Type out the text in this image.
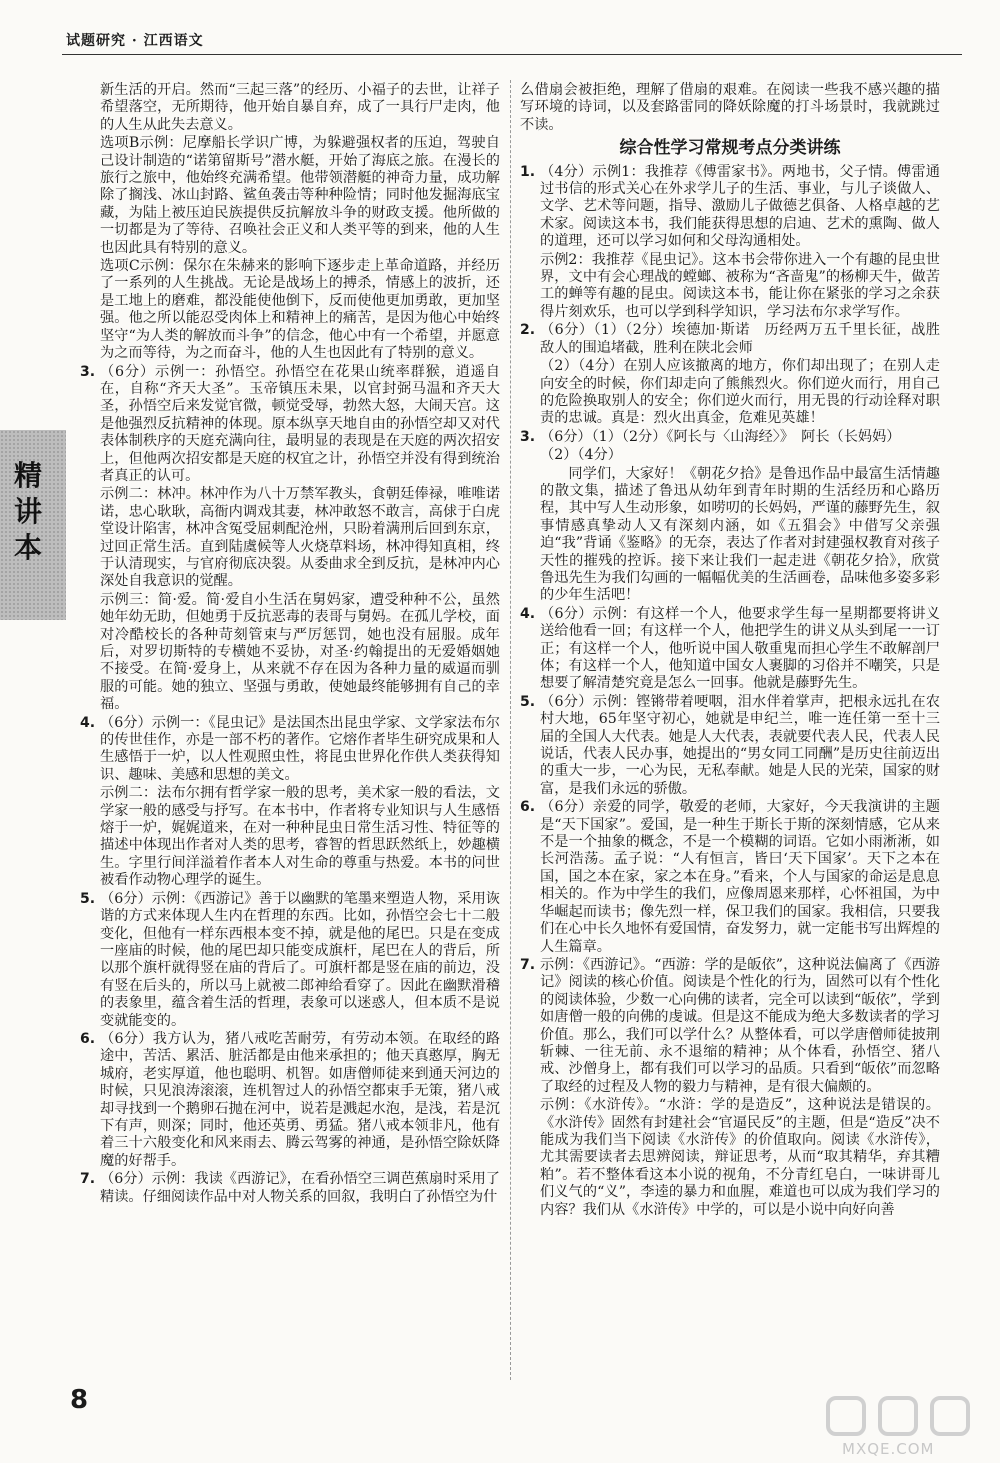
试题研究 · 江西语文
精讲本

新生活的开启。然而“三起三落”的经历、小福子的去世，让祥子希望落空，无所期待，他开始自暴自弃，成了一具行尸走肉，他的人生从此失去意义。

选项B示例：尼摩船长学识广博，为躲避强权者的压迫，驾驶自己设计制造的“诺第留斯号”潜水艇，开始了海底之旅。在漫长的旅行之旅中，他始终充满希望。他带领潜艇的神奇力量，成功解除了搁浅、冰山封路、鲨鱼袭击等种种险情；同时他发掘海底宝藏，为陆上被压迫民族提供反抗解放斗争的财政支援。他所做的一切都是为了等待、召唤社会正义和人类平等的到来，他的人生也因此具有特别的意义。

选项C示例：保尔在朱赫来的影响下逐步走上革命道路，并经历了一系列的人生挑战。无论是战场上的搏杀，情感上的波折，还是工地上的磨难，都没能使他倒下，反而使他更加勇敢，更加坚强。他之所以能忍受肉体上和精神上的痛苦，是因为他心中始终坚守“为人类的解放而斗争”的信念，他心中有一个希望，并愿意为之而等待，为之而奋斗，他的人生也因此有了特别的意义。

3. （6分）示例一：孙悟空。孙悟空在花果山统率群猴，逍遥自在，自称“齐天大圣”。玉帝镇压未果，以官封弼马温和齐天大圣，孙悟空后来发觉官微，顿觉受辱，勃然大怒，大闹天宫。这是他强烈反抗精神的体现。原本纵享天地自由的孙悟空却又对代表体制秩序的天庭充满向往，最明显的表现是在天庭的两次招安上，但他两次招安都是天庭的权宜之计，孙悟空并没有得到统治者真正的认可。

示例二：林冲。林冲作为八十万禁军教头，食朝廷俸禄，唯唯诺诺，忠心耿耿，高衙内调戏其妻，林冲敢怒不敢言，高俅于白虎堂设计陷害，林冲含冤受屈刺配沧州，只盼着满刑后回到东京，过回正常生活。直到陆虞候等人火烧草料场，林冲得知真相，终于认清现实，与官府彻底决裂。从委曲求全到反抗，是林冲内心深处自我意识的觉醒。

示例三：简·爱。简·爱自小生活在舅妈家，遭受种种不公，虽然她年幼无助，但她勇于反抗恶毒的表哥与舅妈。在孤儿学校，面对冷酷校长的各种苛刻管束与严厉惩罚，她也没有屈服。成年后，对罗切斯特的专横她不妥协，对圣·约翰提出的无爱婚姻她不接受。在简·爱身上，从来就不存在因为各种力量的威逼而驯服的可能。她的独立、坚强与勇敢，使她最终能够拥有自己的幸福。

4. （6分）示例一：《昆虫记》是法国杰出昆虫学家、文学家法布尔的传世佳作，亦是一部不朽的著作。它熔作者毕生研究成果和人生感悟于一炉，以人性观照虫性，将昆虫世界化作供人类获得知识、趣味、美感和思想的美文。

示例二：法布尔拥有哲学家一般的思考，美术家一般的看法，文学家一般的感受与抒写。在本书中，作者将专业知识与人生感悟熔于一炉，娓娓道来，在对一种种昆虫日常生活习性、特征等的描述中体现出作者对人类的思考，睿智的哲思跃然纸上，妙趣横生。字里行间洋溢着作者本人对生命的尊重与热爱。本书的问世被看作动物心理学的诞生。

5. （6分）示例：《西游记》善于以幽默的笔墨来塑造人物，采用诙谐的方式来体现人生内在哲理的东西。比如，孙悟空会七十二般变化，但他有一样东西根本变不掉，就是他的尾巴。只是在变成一座庙的时候，他的尾巴却只能变成旗杆，尾巴在人的背后，所以那个旗杆就得竖在庙的背后了。可旗杆都是竖在庙的前边，没有竖在后头的，所以马上就被二郎神给看穿了。因此在幽默滑稽的表象里，蕴含着生活的哲理，表象可以迷惑人，但本质不是说变就能变的。
6. （6分）我方认为，猪八戒吃苦耐劳，有劳动本领。在取经的路途中，苦活、累活、脏活都是由他来承担的；他天真憨厚，胸无城府，老实厚道，他也聪明、机智。如唐僧师徒来到通天河边的时候，只见浪涛滚滚，连机智过人的孙悟空都束手无策，猪八戒却寻找到一个鹅卵石抛在河中，说若是溅起水泡，是浅，若是沉下有声，则深；同时，他还英勇、勇猛。猪八戒本领非凡，他有着三十六般变化和风来雨去、腾云驾雾的神通，是孙悟空除妖降魔的好帮手。
7. （6分）示例：我读《西游记》，在看孙悟空三调芭蕉扇时采用了精读。仔细阅读作品中对人物关系的回叙，我明白了孙悟空为什

么借扇会被拒绝，理解了借扇的艰难。在阅读一些我不感兴趣的描写环境的诗词，以及套路雷同的降妖除魔的打斗场景时，我就跳过不读。

综合性学习常规考点分类讲练
1. （4分）示例1：我推荐《傅雷家书》。两地书，父子情。傅雷通过书信的形式关心在外求学儿子的生活、事业，与儿子谈做人、文学、艺术等问题，指导、激励儿子做德艺俱备、人格卓越的艺术家。阅读这本书，我们能获得思想的启迪、艺术的熏陶、做人的道理，还可以学习如何和父母沟通相处。

示例2：我推荐《昆虫记》。这本书会带你进入一个有趣的昆虫世界，文中有会心理战的螳螂、被称为“吝啬鬼”的杨柳天牛，做苦工的蝉等有趣的昆虫。阅读这本书，能让你在紧张的学习之余获得片刻欢乐，也可以学到科学知识，学习法布尔求学写作。

2. （6分）（1）（2分）埃德加·斯诺　历经两万五千里长征，战胜敌人的围追堵截，胜利在陕北会师

（2）（4分）在别人应该撤离的地方，你们却出现了；在别人走向安全的时候，你们却走向了熊熊烈火。你们逆火而行，用自己的危险换取别人的安全；你们逆火而行，用无畏的行动诠释对职责的忠诚。真是：烈火出真金，危难见英雄！

3. （6分）（1）（2分）《阿长与〈山海经〉》　阿长（长妈妈）

（2）（4分）

同学们，大家好！《朝花夕拾》是鲁迅作品中最富生活情趣的散文集，描述了鲁迅从幼年到青年时期的生活经历和心路历程，其中写人生动形象，如唠叨的长妈妈，严谨的藤野先生，叙事情感真挚动人又有深刻内涵，如《五猖会》中借写父亲强迫“我”背诵《鉴略》的无奈，表达了作者对封建强权教育对孩子天性的摧残的控诉。接下来让我们一起走进《朝花夕拾》，欣赏鲁迅先生为我们勾画的一幅幅优美的生活画卷，品味他多姿多彩的少年生活吧！

4. （6分）示例：有这样一个人，他要求学生每一星期都要将讲义送给他看一回；有这样一个人，他把学生的讲义从头到尾一一订正；有这样一个人，他听说中国人敬重鬼而担心学生不敢解剖尸体；有这样一个人，他知道中国女人裹脚的习俗并不嘲笑，只是想要了解清楚究竟是怎么一回事。他就是藤野先生。
5. （6分）示例：铿锵带着哽咽，泪水伴着掌声，把根永远扎在农村大地，65年坚守初心，她就是申纪兰，唯一连任第一至十三届的全国人大代表。她是人大代表，表就要代表人民，代表人民说话，代表人民办事，她提出的“男女同工同酬”是历史往前迈出的重大一步，一心为民，无私奉献。她是人民的光荣，国家的财富，是我们永远的骄傲。
6. （6分）亲爱的同学，敬爱的老师，大家好，今天我演讲的主题是“天下国家”。爱国，是一种生于斯长于斯的深刻情感，它从来不是一个抽象的概念，不是一个模糊的词语。它如小雨淅淅，如长河浩荡。孟子说：“人有恒言，皆曰‘天下国家’。天下之本在国，国之本在家，家之本在身。”看来，个人与国家的命运是息息相关的。作为中学生的我们，应像周恩来那样，心怀祖国，为中华崛起而读书；像先烈一样，保卫我们的国家。我相信，只要我们在心中长久地怀有爱国情，奋发努力，就一定能书写出辉煌的人生篇章。
7. 示例：《西游记》。“西游：学的是皈依”，这种说法偏离了《西游记》阅读的核心价值。阅读是个性化的行为，固然可以有个性化的阅读体验，少数一心向佛的读者，完全可以读到“皈依”，学到如唐僧一般的向佛的虔诚。但是这不能成为绝大多数读者的学习价值。那么，我们可以学什么？从整体看，可以学唐僧师徒披荆斩棘、一往无前、永不退缩的精神；从个体看，孙悟空、猪八戒、沙僧身上，都有我们可以学习的品质。只看到“皈依”而忽略了取经的过程及人物的毅力与精神，是有很大偏颇的。

示例：《水浒传》。“水浒：学的是造反”，这种说法是错误的。《水浒传》固然有封建社会“官逼民反”的主题，但是“造反”决不能成为我们当下阅读《水浒传》的价值取向。阅读《水浒传》，尤其需要读者去思辨阅读，辩证思考，从而“取其精华，弃其糟粕”。若不整体看这本小说的视角，不分青红皂白，一味讲哥儿们义气的“义”，李逵的暴力和血腥，难道也可以成为我们学习的内容？我们从《水浒传》中学的，可以是小说中向好向善

8
MXQE.COM
